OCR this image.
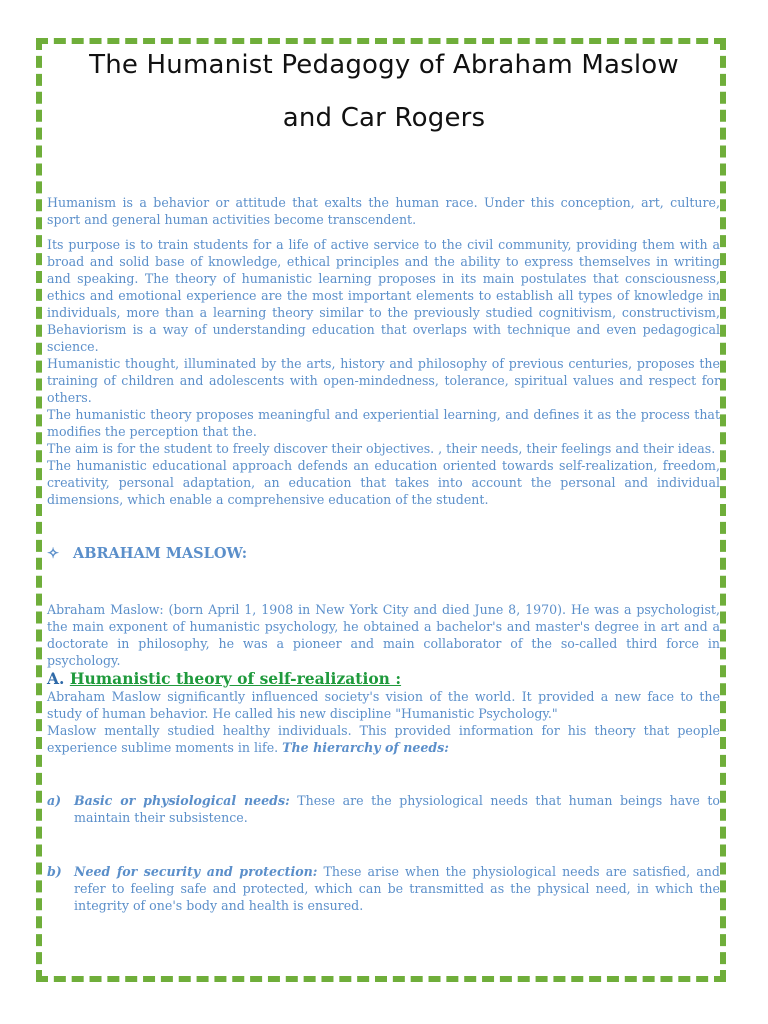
The Humanist Pedagogy of Abraham Maslow
and Car Rogers

Humanism is a behavior or attitude that exalts the human race. Under this conception, art, culture, sport and general human activities become transcendent.

Its purpose is to train students for a life of active service to the civil community, providing them with a broad and solid base of knowledge, ethical principles and the ability to express themselves in writing and speaking. The theory of humanistic learning proposes in its main postulates that consciousness, ethics and emotional experience are the most important elements to establish all types of knowledge in individuals, more than a learning theory similar to the previously studied cognitivism, constructivism, Behaviorism is a way of understanding education that overlaps with technique and even pedagogical science.

Humanistic thought, illuminated by the arts, history and philosophy of previous centuries, proposes the training of children and adolescents with open-mindedness, tolerance, spiritual values and respect for others.

The humanistic theory proposes meaningful and experiential learning, and defines it as the process that modifies the perception that the.

The aim is for the student to freely discover their objectives. , their needs, their feelings and their ideas.

The humanistic educational approach defends an education oriented towards self-realization, freedom, creativity, personal adaptation, an education that takes into account the personal and individual dimensions, which enable a comprehensive education of the student.

✧ ABRAHAM MASLOW:

Abraham Maslow: (born April 1, 1908 in New York City and died June 8, 1970). He was a psychologist, the main exponent of humanistic psychology, he obtained a bachelor's and master's degree in art and a doctorate in philosophy, he was a pioneer and main collaborator of the so-called third force in psychology.

A. Humanistic theory of self-realization :

Abraham Maslow significantly influenced society's vision of the world. It provided a new face to the study of human behavior. He called his new discipline "Humanistic Psychology."

Maslow mentally studied healthy individuals. This provided information for his theory that people experience sublime moments in life. The hierarchy of needs:

a)	Basic or physiological needs: These are the physiological needs that human beings have to maintain their subsistence.
b) Need for security and protection: These arise when the physiological needs are satisfied, and refer to feeling safe and protected, which can be transmitted as the physical need, in which the integrity of one's body and health is ensured.
